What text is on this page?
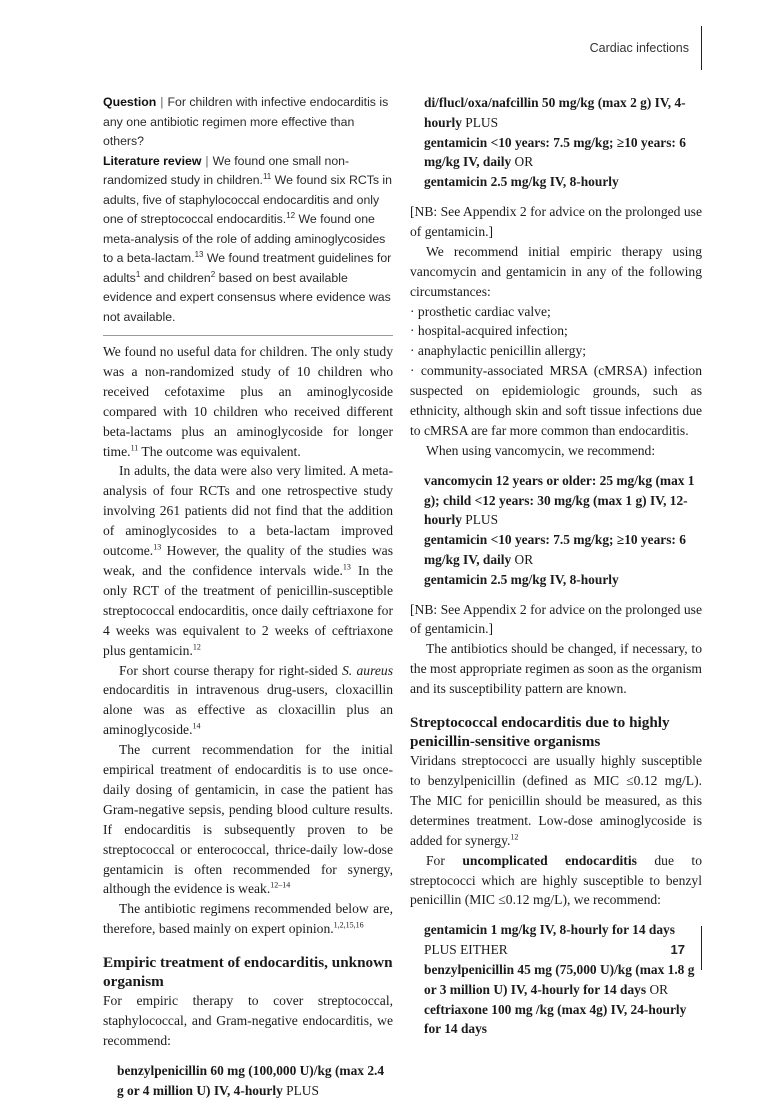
Cardiac infections
Question | For children with infective endocarditis is any one antibiotic regimen more effective than others?
Literature review | We found one small non-randomized study in children.$^{11}$ We found six RCTs in adults, five of staphylococcal endocarditis and only one of streptococcal endocarditis.$^{12}$ We found one meta-analysis of the role of adding aminoglycosides to a beta-lactam.$^{13}$ We found treatment guidelines for adults$^1$ and children$^2$ based on best available evidence and expert consensus where evidence was not available.

We found no useful data for children. The only study was a non-randomized study of 10 children who received cefotaxime plus an aminoglycoside compared with 10 children who received different beta-lactams plus an aminoglycoside for longer time.$^{11}$ The outcome was equivalent.

In adults, the data were also very limited. A meta-analysis of four RCTs and one retrospective study involving 261 patients did not find that the addition of aminoglycosides to a beta-lactam improved outcome.$^{13}$ However, the quality of the studies was weak, and the confidence intervals wide.$^{13}$ In the only RCT of the treatment of penicillin-susceptible streptococcal endocarditis, once daily ceftriaxone for 4 weeks was equivalent to 2 weeks of ceftriaxone plus gentamicin.$^{12}$

For short course therapy for right-sided S. aureus endocarditis in intravenous drug-users, cloxacillin alone was as effective as cloxacillin plus an aminoglycoside.$^{14}$

The current recommendation for the initial empirical treatment of endocarditis is to use once-daily dosing of gentamicin, in case the patient has Gram-negative sepsis, pending blood culture results. If endocarditis is subsequently proven to be streptococcal or enterococcal, thrice-daily low-dose gentamicin is often recommended for synergy, although the evidence is weak.$^{12-14}$

The antibiotic regimens recommended below are, therefore, based mainly on expert opinion.$^{1,2,15,16}$

Empiric treatment of endocarditis, unknown organism

For empiric therapy to cover streptococcal, staphylococcal, and Gram-negative endocarditis, we recommend:

benzylpenicillin 60 mg (100,000 U)/kg (max 2.4 g or 4 million U) IV, 4-hourly PLUS
di/flucl/oxa/nafcillin 50 mg/kg (max 2 g) IV, 4-hourly PLUS
gentamicin <10 years: 7.5 mg/kg; ≥10 years: 6 mg/kg IV, daily OR
gentamicin 2.5 mg/kg IV, 8-hourly

[NB: See Appendix 2 for advice on the prolonged use of gentamicin.]

We recommend initial empiric therapy using vancomycin and gentamicin in any of the following circumstances:

· prosthetic cardiac valve;

· hospital-acquired infection;

· anaphylactic penicillin allergy;

· community-associated MRSA (cMRSA) infection suspected on epidemiologic grounds, such as ethnicity, although skin and soft tissue infections due to cMRSA are far more common than endocarditis.

When using vancomycin, we recommend:

vancomycin 12 years or older: 25 mg/kg (max 1 g); child <12 years: 30 mg/kg (max 1 g) IV, 12-hourly PLUS
gentamicin <10 years: 7.5 mg/kg; ≥10 years: 6 mg/kg IV, daily OR
gentamicin 2.5 mg/kg IV, 8-hourly

[NB: See Appendix 2 for advice on the prolonged use of gentamicin.]

The antibiotics should be changed, if necessary, to the most appropriate regimen as soon as the organism and its susceptibility pattern are known.

Streptococcal endocarditis due to highly penicillin-sensitive organisms

Viridans streptococci are usually highly susceptible to benzylpenicillin (defined as MIC ≤0.12 mg/L). The MIC for penicillin should be measured, as this determines treatment. Low-dose aminoglycoside is added for synergy.$^{12}$

For uncomplicated endocarditis due to streptococci which are highly susceptible to benzyl penicillin (MIC ≤0.12 mg/L), we recommend:

gentamicin 1 mg/kg IV, 8-hourly for 14 days
PLUS EITHER
benzylpenicillin 45 mg (75,000 U)/kg (max 1.8 g or 3 million U) IV, 4-hourly for 14 days OR
ceftriaxone 100 mg /kg (max 4g) IV, 24-hourly for 14 days
17
